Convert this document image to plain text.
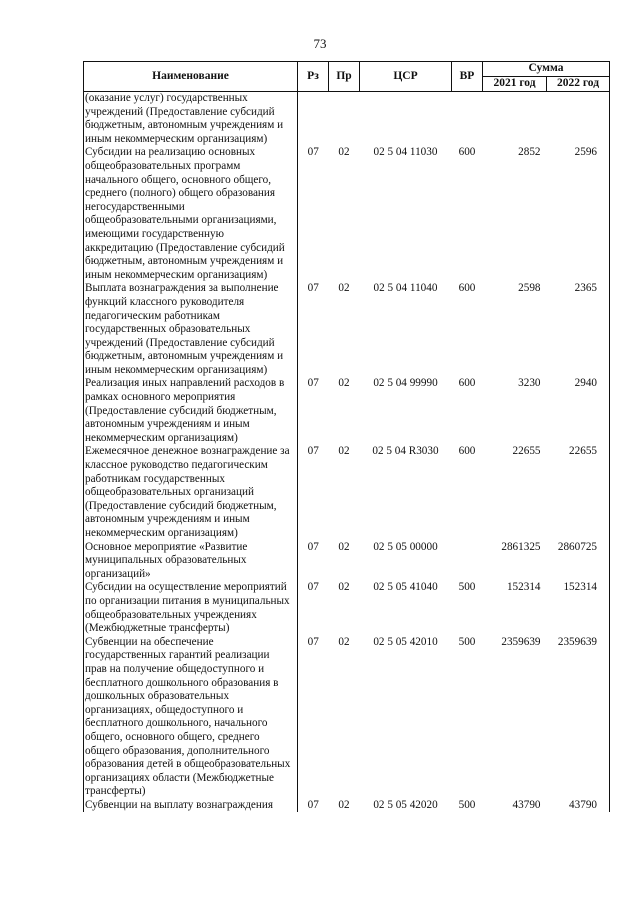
73
Наименование	Рз	Пр	ЦСР	ВР	Сумма	
					2021 год	2022 год
(оказание услуг) государственных учреждений (Предоставление субсидий бюджетным, автономным учреждениям и иным некоммерческим организациям)						
Субсидии на реализацию основных общеобразовательных программ начального общего, основного общего, среднего (полного) общего образования негосударственными общеобразовательными организациями, имеющими государственную аккредитацию (Предоставление субсидий бюджетным, автономным учреждениям и иным некоммерческим организациям)	07	02	02 5 04 11030	600	2852	2596
Выплата вознаграждения за выполнение функций классного руководителя педагогическим работникам государственных образовательных учреждений (Предоставление субсидий бюджетным, автономным учреждениям и иным некоммерческим организациям)	07	02	02 5 04 11040	600	2598	2365
Реализация иных направлений расходов в рамках основного мероприятия (Предоставление субсидий бюджетным, автономным учреждениям и иным некоммерческим организациям)	07	02	02 5 04 99990	600	3230	2940
Ежемесячное денежное вознаграждение за классное руководство педагогическим работникам государственных общеобразовательных организаций (Предоставление субсидий бюджетным, автономным учреждениям и иным некоммерческим организациям)	07	02	02 5 04 R3030	600	22655	22655
Основное мероприятие «Развитие муниципальных образовательных организаций»	07	02	02 5 05 00000		2861325	2860725
Субсидии на осуществление мероприятий по организации питания в муниципальных общеобразовательных учреждениях (Межбюджетные трансферты)	07	02	02 5 05 41040	500	152314	152314
Субвенции на обеспечение государственных гарантий реализации прав на получение общедоступного и бесплатного дошкольного образования в дошкольных образовательных организациях, общедоступного и бесплатного дошкольного, начального общего, основного общего, среднего общего образования, дополнительного образования детей в общеобразовательных организациях области (Межбюджетные трансферты)	07	02	02 5 05 42010	500	2359639	2359639
Субвенции на выплату вознаграждения	07	02	02 5 05 42020	500	43790	43790
